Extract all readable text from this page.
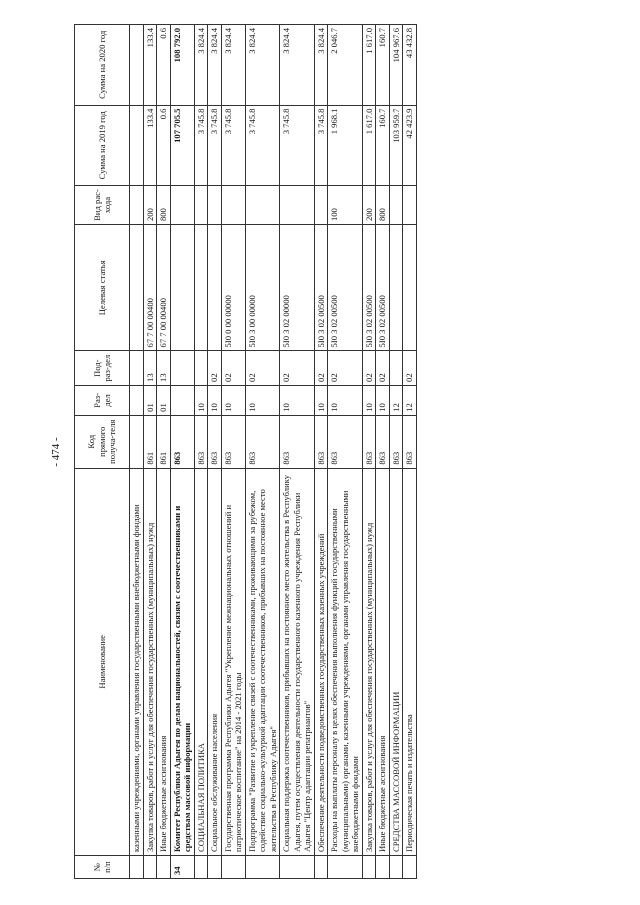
- 474 -
№ п/п	Наименование	Код прямого получа-теля	Раз-дел	Под-раз-дел	Целевая статья	Вид рас-хода	Сумма на 2019 год	Сумма на 2020 год
	казенными учреждениями, органами управления государственными внебюджетными фондами							
	Закупка товаров, работ и услуг для обеспечения государственных (муниципальных) нужд	861	01	13	67 7 00 00400	200	133.4	133.4
	Иные бюджетные ассигнования	861	01	13	67 7 00 00400	800	0.6	0.6
34	Комитет Республики Адыгея по делам национальностей, связям с соотечественниками и средствам массовой информации	863					107 705.5	108 792.0
	СОЦИАЛЬНАЯ ПОЛИТИКА	863	10				3 745.8	3 824.4
	Социальное обслуживание населения	863	10	02			3 745.8	3 824.4
	Государственная программа Республики Адыгея "Укрепление межнациональных отношений и патриотическое воспитание" на 2014 - 2021 годы	863	10	02	5I0 0 00 00000		3 745.8	3 824.4
	Подпрограмма "Развитие и укрепление связей с соотечественниками, проживающими за рубежом, содействие социально-культурной адаптации соотечественников, прибывших на постоянное место жительства в Республику Адыгея"	863	10	02	5I0 3 00 00000		3 745.8	3 824.4
	Социальная поддержка соотечественников, прибывших на постоянное место жительства в Республику Адыгея, путем осуществления деятельности государственного казенного учреждения Республики Адыгея "Центр адаптации репатриантов"	863	10	02	5I0 3 02 00000		3 745.8	3 824.4
	Обеспечение деятельности подведомственных государственных казенных учреждений	863	10	02	5I0 3 02 00500		3 745.8	3 824.4
	Расходы на выплаты персоналу в целях обеспечения выполнения функций государственными (муниципальными) органами, казенными учреждениями, органами управления государственными внебюджетными фондами	863	10	02	5I0 3 02 00500	100	1 968.1	2 046.7
	Закупка товаров, работ и услуг для обеспечения государственных (муниципальных) нужд	863	10	02	5I0 3 02 00500	200	1 617.0	1 617.0
	Иные бюджетные ассигнования	863	10	02	5I0 3 02 00500	800	160.7	160.7
	СРЕДСТВА МАССОВОЙ ИНФОРМАЦИИ	863	12				103 959.7	104 967.6
	Периодическая печать и издательства	863	12	02			42 423.9	43 432.8
